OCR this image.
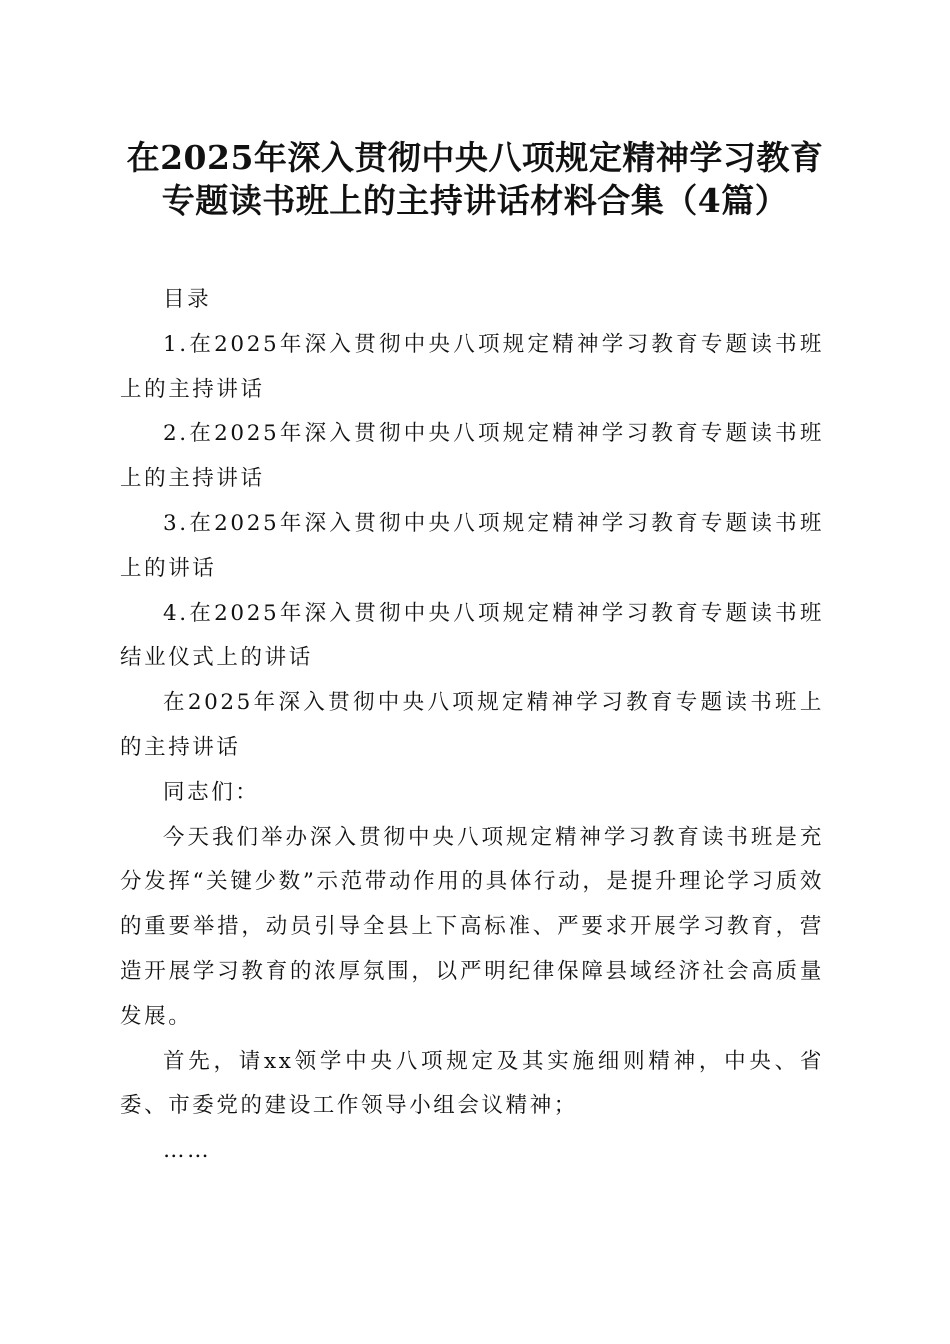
在2025年深入贯彻中央八项规定精神学习教育专题读书班上的主持讲话材料合集（4篇）

目录

1.在2025年深入贯彻中央八项规定精神学习教育专题读书班上的主持讲话

2.在2025年深入贯彻中央八项规定精神学习教育专题读书班上的主持讲话

3.在2025年深入贯彻中央八项规定精神学习教育专题读书班上的讲话

4.在2025年深入贯彻中央八项规定精神学习教育专题读书班结业仪式上的讲话

在2025年深入贯彻中央八项规定精神学习教育专题读书班上的主持讲话

同志们：

今天我们举办深入贯彻中央八项规定精神学习教育读书班是充分发挥“关键少数”示范带动作用的具体行动，是提升理论学习质效的重要举措，动员引导全县上下高标准、严要求开展学习教育，营造开展学习教育的浓厚氛围，以严明纪律保障县域经济社会高质量发展。

首先，请xx领学中央八项规定及其实施细则精神，中央、省委、市委党的建设工作领导小组会议精神；

……
